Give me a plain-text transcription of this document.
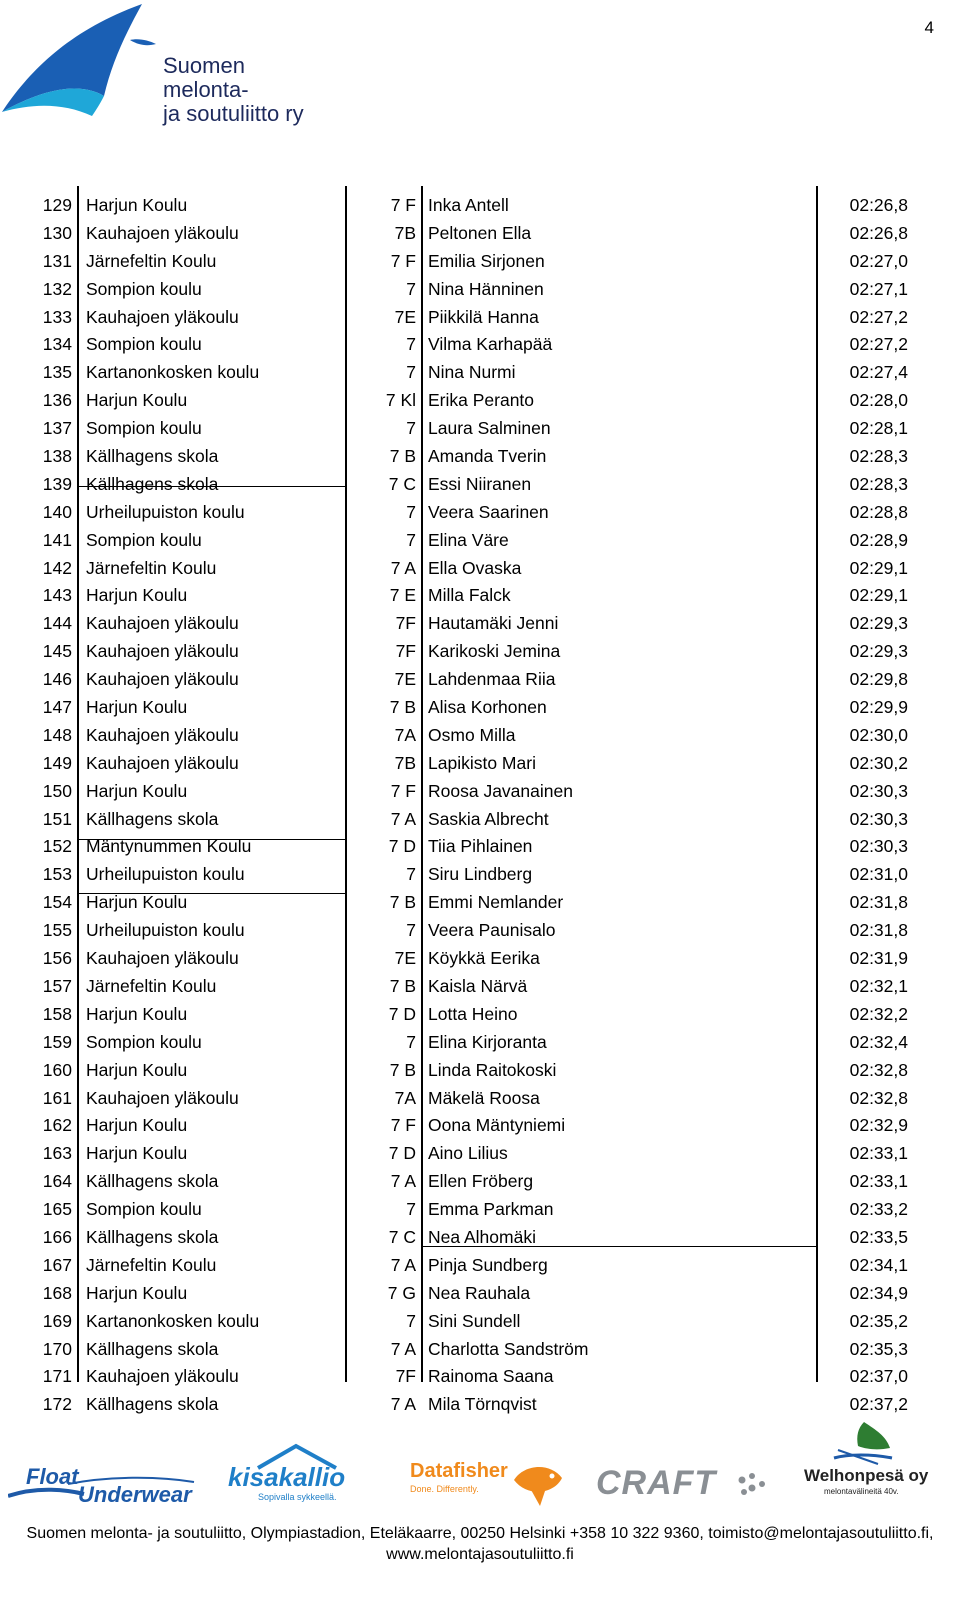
4
Suomen
melonta-
ja soutuliitto ry
129 Harjun Koulu	7 F Inka Antell	02:26,8
130 Kauhajoen yläkoulu	7B Peltonen Ella	02:26,8
131 Järnefeltin Koulu	7 F Emilia Sirjonen	02:27,0
132 Sompion koulu	7 Nina Hänninen	02:27,1
133 Kauhajoen yläkoulu	7E Piikkilä Hanna	02:27,2
134 Sompion koulu	7 Vilma Karhapää	02:27,2
135 Kartanonkosken koulu	7 Nina Nurmi	02:27,4
136 Harjun Koulu	7 Kl Erika Peranto	02:28,0
137 Sompion koulu	7 Laura Salminen	02:28,1
138 Källhagens skola	7 B Amanda Tverin	02:28,3
139 Källhagens skola	7 C Essi Niiranen	02:28,3
140 Urheilupuiston koulu	7 Veera Saarinen	02:28,8
141 Sompion koulu	7 Elina Väre	02:28,9
142 Järnefeltin Koulu	7 A Ella Ovaska	02:29,1
143 Harjun Koulu	7 E Milla Falck	02:29,1
144 Kauhajoen yläkoulu	7F Hautamäki Jenni	02:29,3
145 Kauhajoen yläkoulu	7F Karikoski Jemina	02:29,3
146 Kauhajoen yläkoulu	7E Lahdenmaa Riia	02:29,8
147 Harjun Koulu	7 B Alisa Korhonen	02:29,9
148 Kauhajoen yläkoulu	7A Osmo Milla	02:30,0
149 Kauhajoen yläkoulu	7B Lapikisto Mari	02:30,2
150 Harjun Koulu	7 F Roosa Javanainen	02:30,3
151 Källhagens skola	7 A Saskia Albrecht	02:30,3
152 Mäntynummen Koulu	7 D Tiia Pihlainen	02:30,3
153 Urheilupuiston koulu	7 Siru Lindberg	02:31,0
154 Harjun Koulu	7 B Emmi Nemlander	02:31,8
155 Urheilupuiston koulu	7 Veera Paunisalo	02:31,8
156 Kauhajoen yläkoulu	7E Köykkä Eerika	02:31,9
157 Järnefeltin Koulu	7 B Kaisla Närvä	02:32,1
158 Harjun Koulu	7 D Lotta Heino	02:32,2
159 Sompion koulu	7 Elina Kirjoranta	02:32,4
160 Harjun Koulu	7 B Linda Raitokoski	02:32,8
161 Kauhajoen yläkoulu	7A Mäkelä Roosa	02:32,8
162 Harjun Koulu	7 F Oona Mäntyniemi	02:32,9
163 Harjun Koulu	7 D Aino Lilius	02:33,1
164 Källhagens skola	7 A Ellen Fröberg	02:33,1
165 Sompion koulu	7 Emma Parkman	02:33,2
166 Källhagens skola	7 C Nea Alhomäki	02:33,5
167 Järnefeltin Koulu	7 A Pinja Sundberg	02:34,1
168 Harjun Koulu	7 G Nea Rauhala	02:34,9
169 Kartanonkosken koulu	7 Sini Sundell	02:35,2
170 Källhagens skola	7 A Charlotta Sandström	02:35,3
171 Kauhajoen yläkoulu	7F Rainoma Saana	02:37,0
172 Källhagens skola	7 A Mila Törnqvist	02:37,2
Float
Underwear
kisakallio
Sopivalla sykkeellä.
Datafisher
Done. Differently.	CRAFT	Welhonpesä oy
melontavälineitä 40v.
Suomen melonta- ja soutuliitto, Olympiastadion, Eteläkaarre, 00250 Helsinki +358 10 322 9360, toimisto@melontajasoutuliitto.fi,
www.melontajasoutuliitto.fi
